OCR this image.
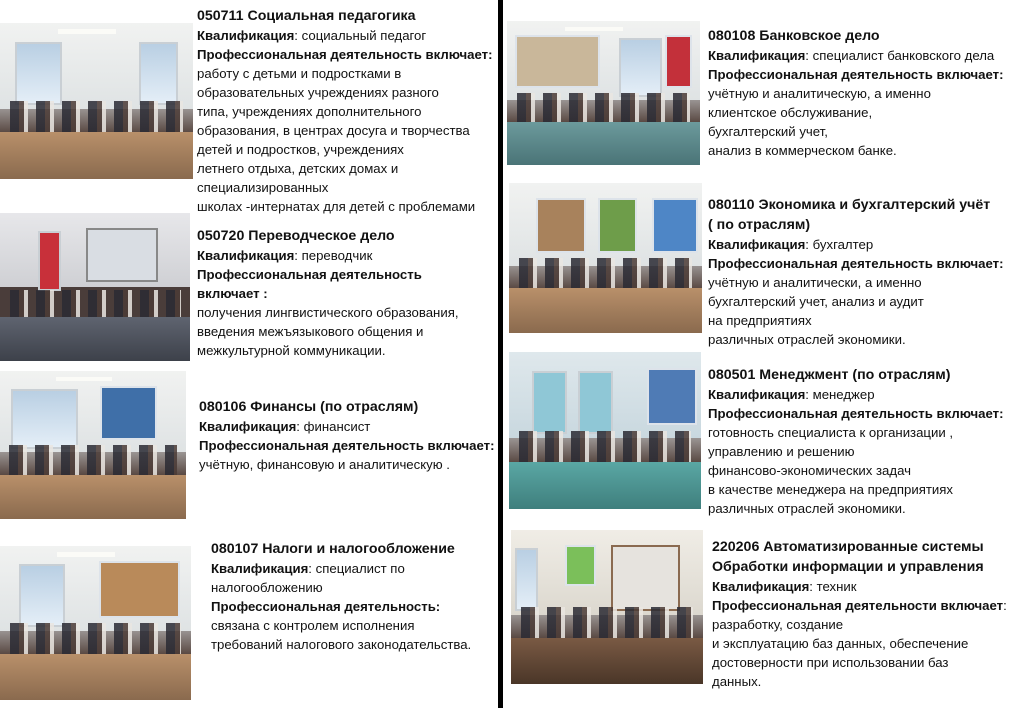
050711 Социальная педагогика
Квалификация: социальный педагог
Профессиональная деятельность включает:
работу с детьми и подростками в
образовательных учреждениях разного
типа, учреждениях дополнительного
образования, в центрах досуга и творчества
детей и подростков, учреждениях
летнего отдыха, детских домах и
специализированных
школах -интернатах для детей с проблемами
050720 Переводческое дело
Квалификация: переводчик
Профессиональная деятельность
включает :
получения лингвистического образования,
введения межъязыкового общения и
межкультурной коммуникации.
080106 Финансы (по отраслям)
Квалификация: финансист
Профессиональная деятельность включает:
учётную, финансовую и аналитическую .
080107 Налоги и налогообложение
Квалификация: специалист по
налогообложению
Профессиональная деятельность:
связана с контролем исполнения
требований налогового законодательства.
080108 Банковское дело
Квалификация: специалист банковского дела
Профессиональная деятельность включает:
учётную и аналитическую, а именно
клиентское обслуживание,
бухгалтерский учет,
анализ в коммерческом банке.
080110 Экономика и бухгалтерский учёт
( по отраслям)
Квалификация: бухгалтер
Профессиональная деятельность включает:
учётную и аналитически, а именно
бухгалтерский учет, анализ и аудит
на предприятиях
различных отраслей экономики.
080501 Менеджмент (по отраслям)
Квалификация: менеджер
Профессиональная деятельность включает:
готовность специалиста к организации ,
управлению и решению
финансово-экономических задач
в качестве менеджера на предприятиях
различных отраслей экономики.
220206 Автоматизированные системы
Обработки информации и управления
Квалификация: техник
Профессиональная деятельности включает:
разработку, создание
и эксплуатацию баз данных, обеспечение
достоверности при использовании баз
данных.
